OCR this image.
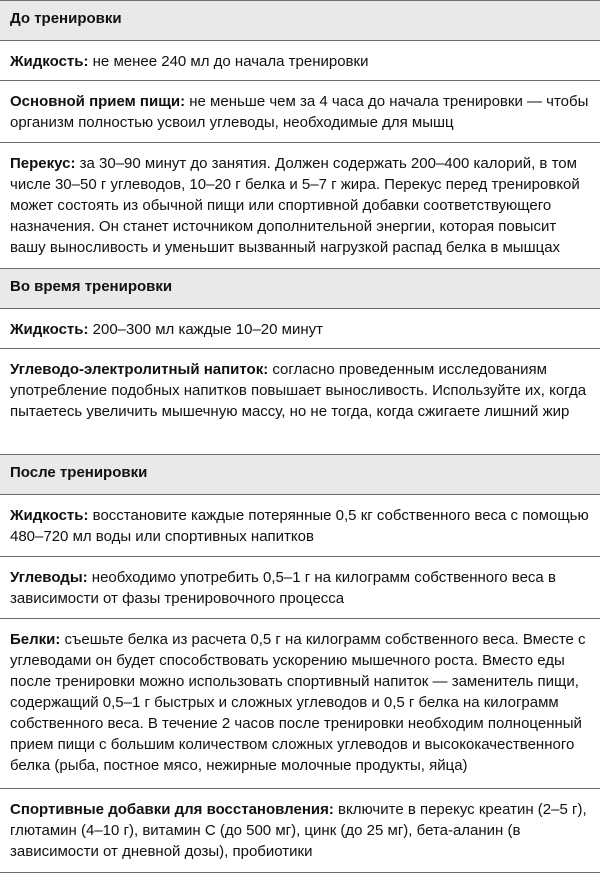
До тренировки
Жидкость: не менее 240 мл до начала тренировки
Основной прием пищи: не меньше чем за 4 часа до начала тренировки — чтобы организм полностью усвоил углеводы, необходимые для мышц
Перекус: за 30–90 минут до занятия. Должен содержать 200–400 калорий, в том числе 30–50 г углеводов, 10–20 г белка и 5–7 г жира. Перекус перед тренировкой может состоять из обычной пищи или спортивной добавки соответствующего назначения. Он станет источником дополнительной энергии, которая повысит вашу выносливость и уменьшит вызванный нагрузкой распад белка в мышцах
Во время тренировки
Жидкость: 200–300 мл каждые 10–20 минут
Углеводо-электролитный напиток: согласно проведенным исследованиям употребление подобных напитков повышает выносливость. Используйте их, когда пытаетесь увеличить мышечную массу, но не тогда, когда сжигаете лишний жир
После тренировки
Жидкость: восстановите каждые потерянные 0,5 кг собственного веса с помощью 480–720 мл воды или спортивных напитков
Углеводы: необходимо употребить 0,5–1 г на килограмм собственного веса в зависимости от фазы тренировочного процесса
Белки: съешьте белка из расчета 0,5 г на килограмм собственного веса. Вместе с углеводами он будет способствовать ускорению мышечного роста. Вместо еды после тренировки можно использовать спортивный напиток — заменитель пищи, содержащий 0,5–1 г быстрых и сложных углеводов и 0,5 г белка на килограмм собственного веса. В течение 2 часов после тренировки необходим полноценный прием пищи с большим количеством сложных углеводов и высококачественного белка (рыба, постное мясо, нежирные молочные продукты, яйца)
Спортивные добавки для восстановления: включите в перекус креатин (2–5 г), глютамин (4–10 г), витамин С (до 500 мг), цинк (до 25 мг), бета-аланин (в зависимости от дневной дозы), пробиотики
